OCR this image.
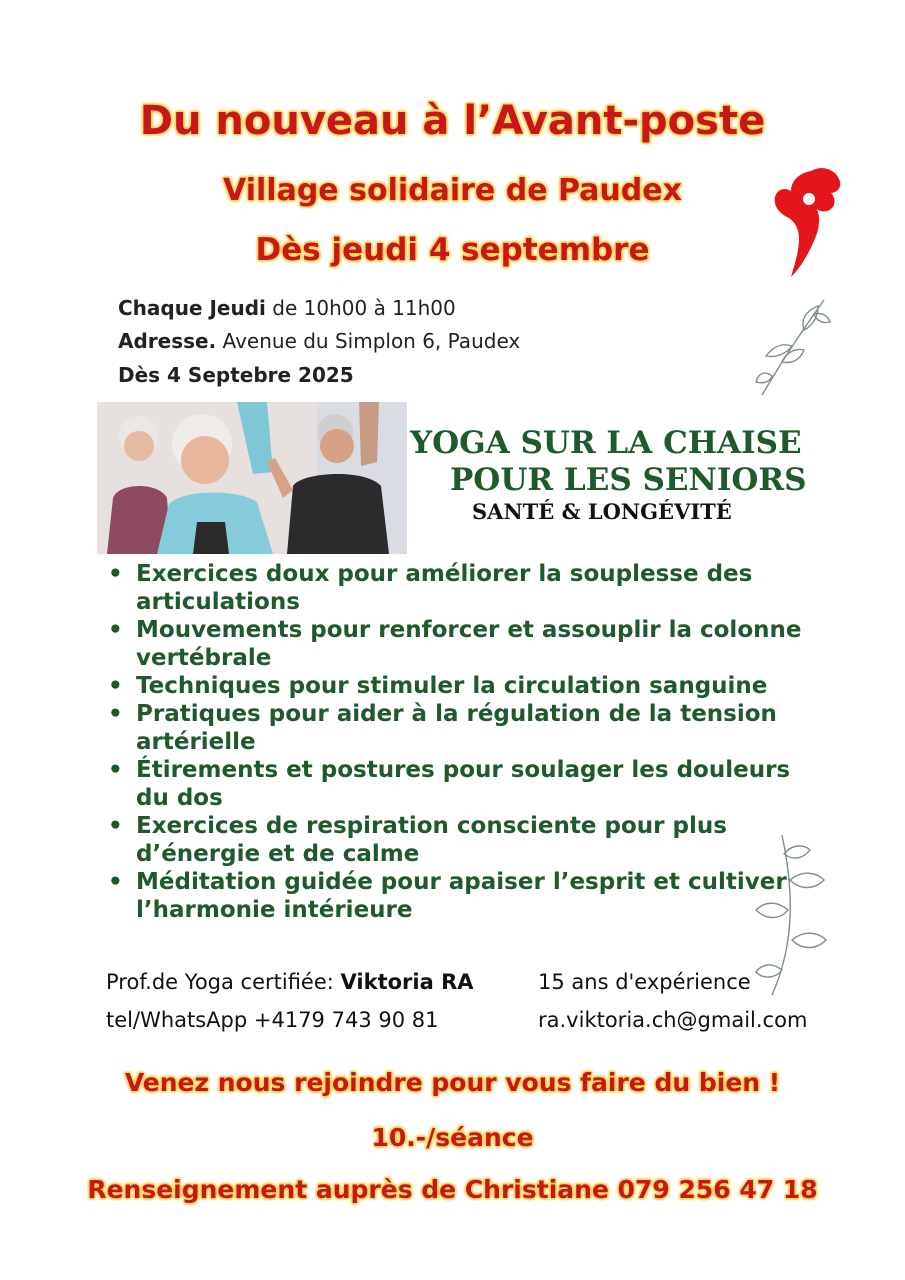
Du nouveau à l’Avant-poste
Village solidaire de Paudex
Dès jeudi 4 septembre
Chaque Jeudi de 10h00 à 11h00
Adresse. Avenue du Simplon 6, Paudex
Dès 4 Septebre 2025
YOGA SUR LA CHAISE
POUR LES SENIORS
SANTÉ & LONGÉVITÉ
• Exercices doux pour améliorer la souplesse des articulations
• Mouvements pour renforcer et assouplir la colonne vertébrale
• Techniques pour stimuler la circulation sanguine
• Pratiques pour aider à la régulation de la tension artérielle
• Étirements et postures pour soulager les douleurs du dos
• Exercices de respiration consciente pour plus d’énergie et de calme
• Méditation guidée pour apaiser l’esprit et cultiver l’harmonie intérieure
Prof.de Yoga certifiée: Viktoria RA	15 ans d'expérience
tel/WhatsApp +4179 743 90 81	ra.viktoria.ch@gmail.com
Venez nous rejoindre pour vous faire du bien !
10.-/séance
Renseignement auprès de Christiane 079 256 47 18
